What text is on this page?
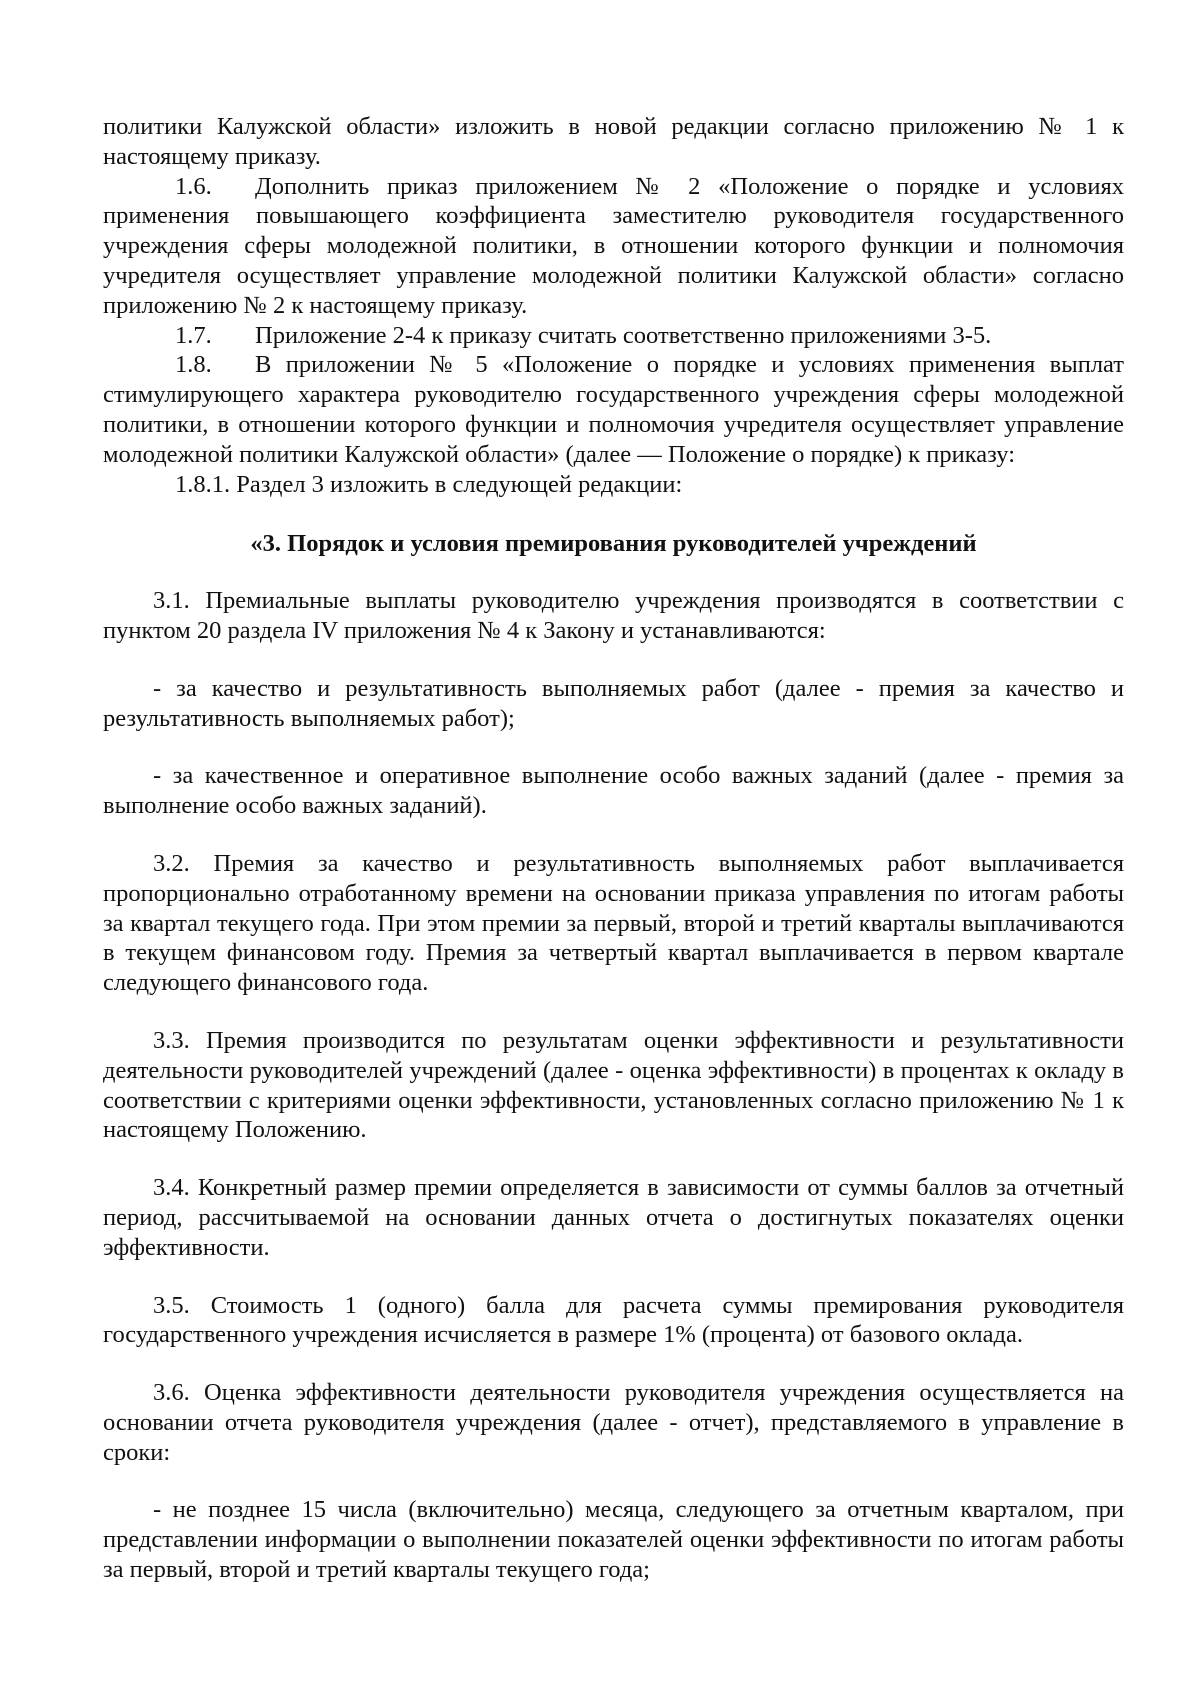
политики Калужской области» изложить в новой редакции согласно приложению № 1 к настоящему приказу.

1.6. Дополнить приказ приложением № 2 «Положение о порядке и условиях применения повышающего коэффициента заместителю руководителя государственного учреждения сферы молодежной политики, в отношении которого функции и полномочия учредителя осуществляет управление молодежной политики Калужской области» согласно приложению № 2 к настоящему приказу.

1.7. Приложение 2-4 к приказу считать соответственно приложениями 3-5.

1.8. В приложении № 5 «Положение о порядке и условиях применения выплат стимулирующего характера руководителю государственного учреждения сферы молодежной политики, в отношении которого функции и полномочия учредителя осуществляет управление молодежной политики Калужской области» (далее — Положение о порядке) к приказу:

1.8.1. Раздел 3 изложить в следующей редакции:

«3. Порядок и условия премирования руководителей учреждений

3.1. Премиальные выплаты руководителю учреждения производятся в соответствии с пунктом 20 раздела IV приложения № 4 к Закону и устанавливаются:

- за качество и результативность выполняемых работ (далее - премия за качество и результативность выполняемых работ);

- за качественное и оперативное выполнение особо важных заданий (далее - премия за выполнение особо важных заданий).

3.2. Премия за качество и результативность выполняемых работ выплачивается пропорционально отработанному времени на основании приказа управления по итогам работы за квартал текущего года. При этом премии за первый, второй и третий кварталы выплачиваются в текущем финансовом году. Премия за четвертый квартал выплачивается в первом квартале следующего финансового года.

3.3. Премия производится по результатам оценки эффективности и результативности деятельности руководителей учреждений (далее - оценка эффективности) в процентах к окладу в соответствии с критериями оценки эффективности, установленных согласно приложению № 1 к настоящему Положению.

3.4. Конкретный размер премии определяется в зависимости от суммы баллов за отчетный период, рассчитываемой на основании данных отчета о достигнутых показателях оценки эффективности.

3.5. Стоимость 1 (одного) балла для расчета суммы премирования руководителя государственного учреждения исчисляется в размере 1% (процента) от базового оклада.

3.6. Оценка эффективности деятельности руководителя учреждения осуществляется на основании отчета руководителя учреждения (далее - отчет), представляемого в управление в сроки:

- не позднее 15 числа (включительно) месяца, следующего за отчетным кварталом, при представлении информации о выполнении показателей оценки эффективности по итогам работы за первый, второй и третий кварталы текущего года;
